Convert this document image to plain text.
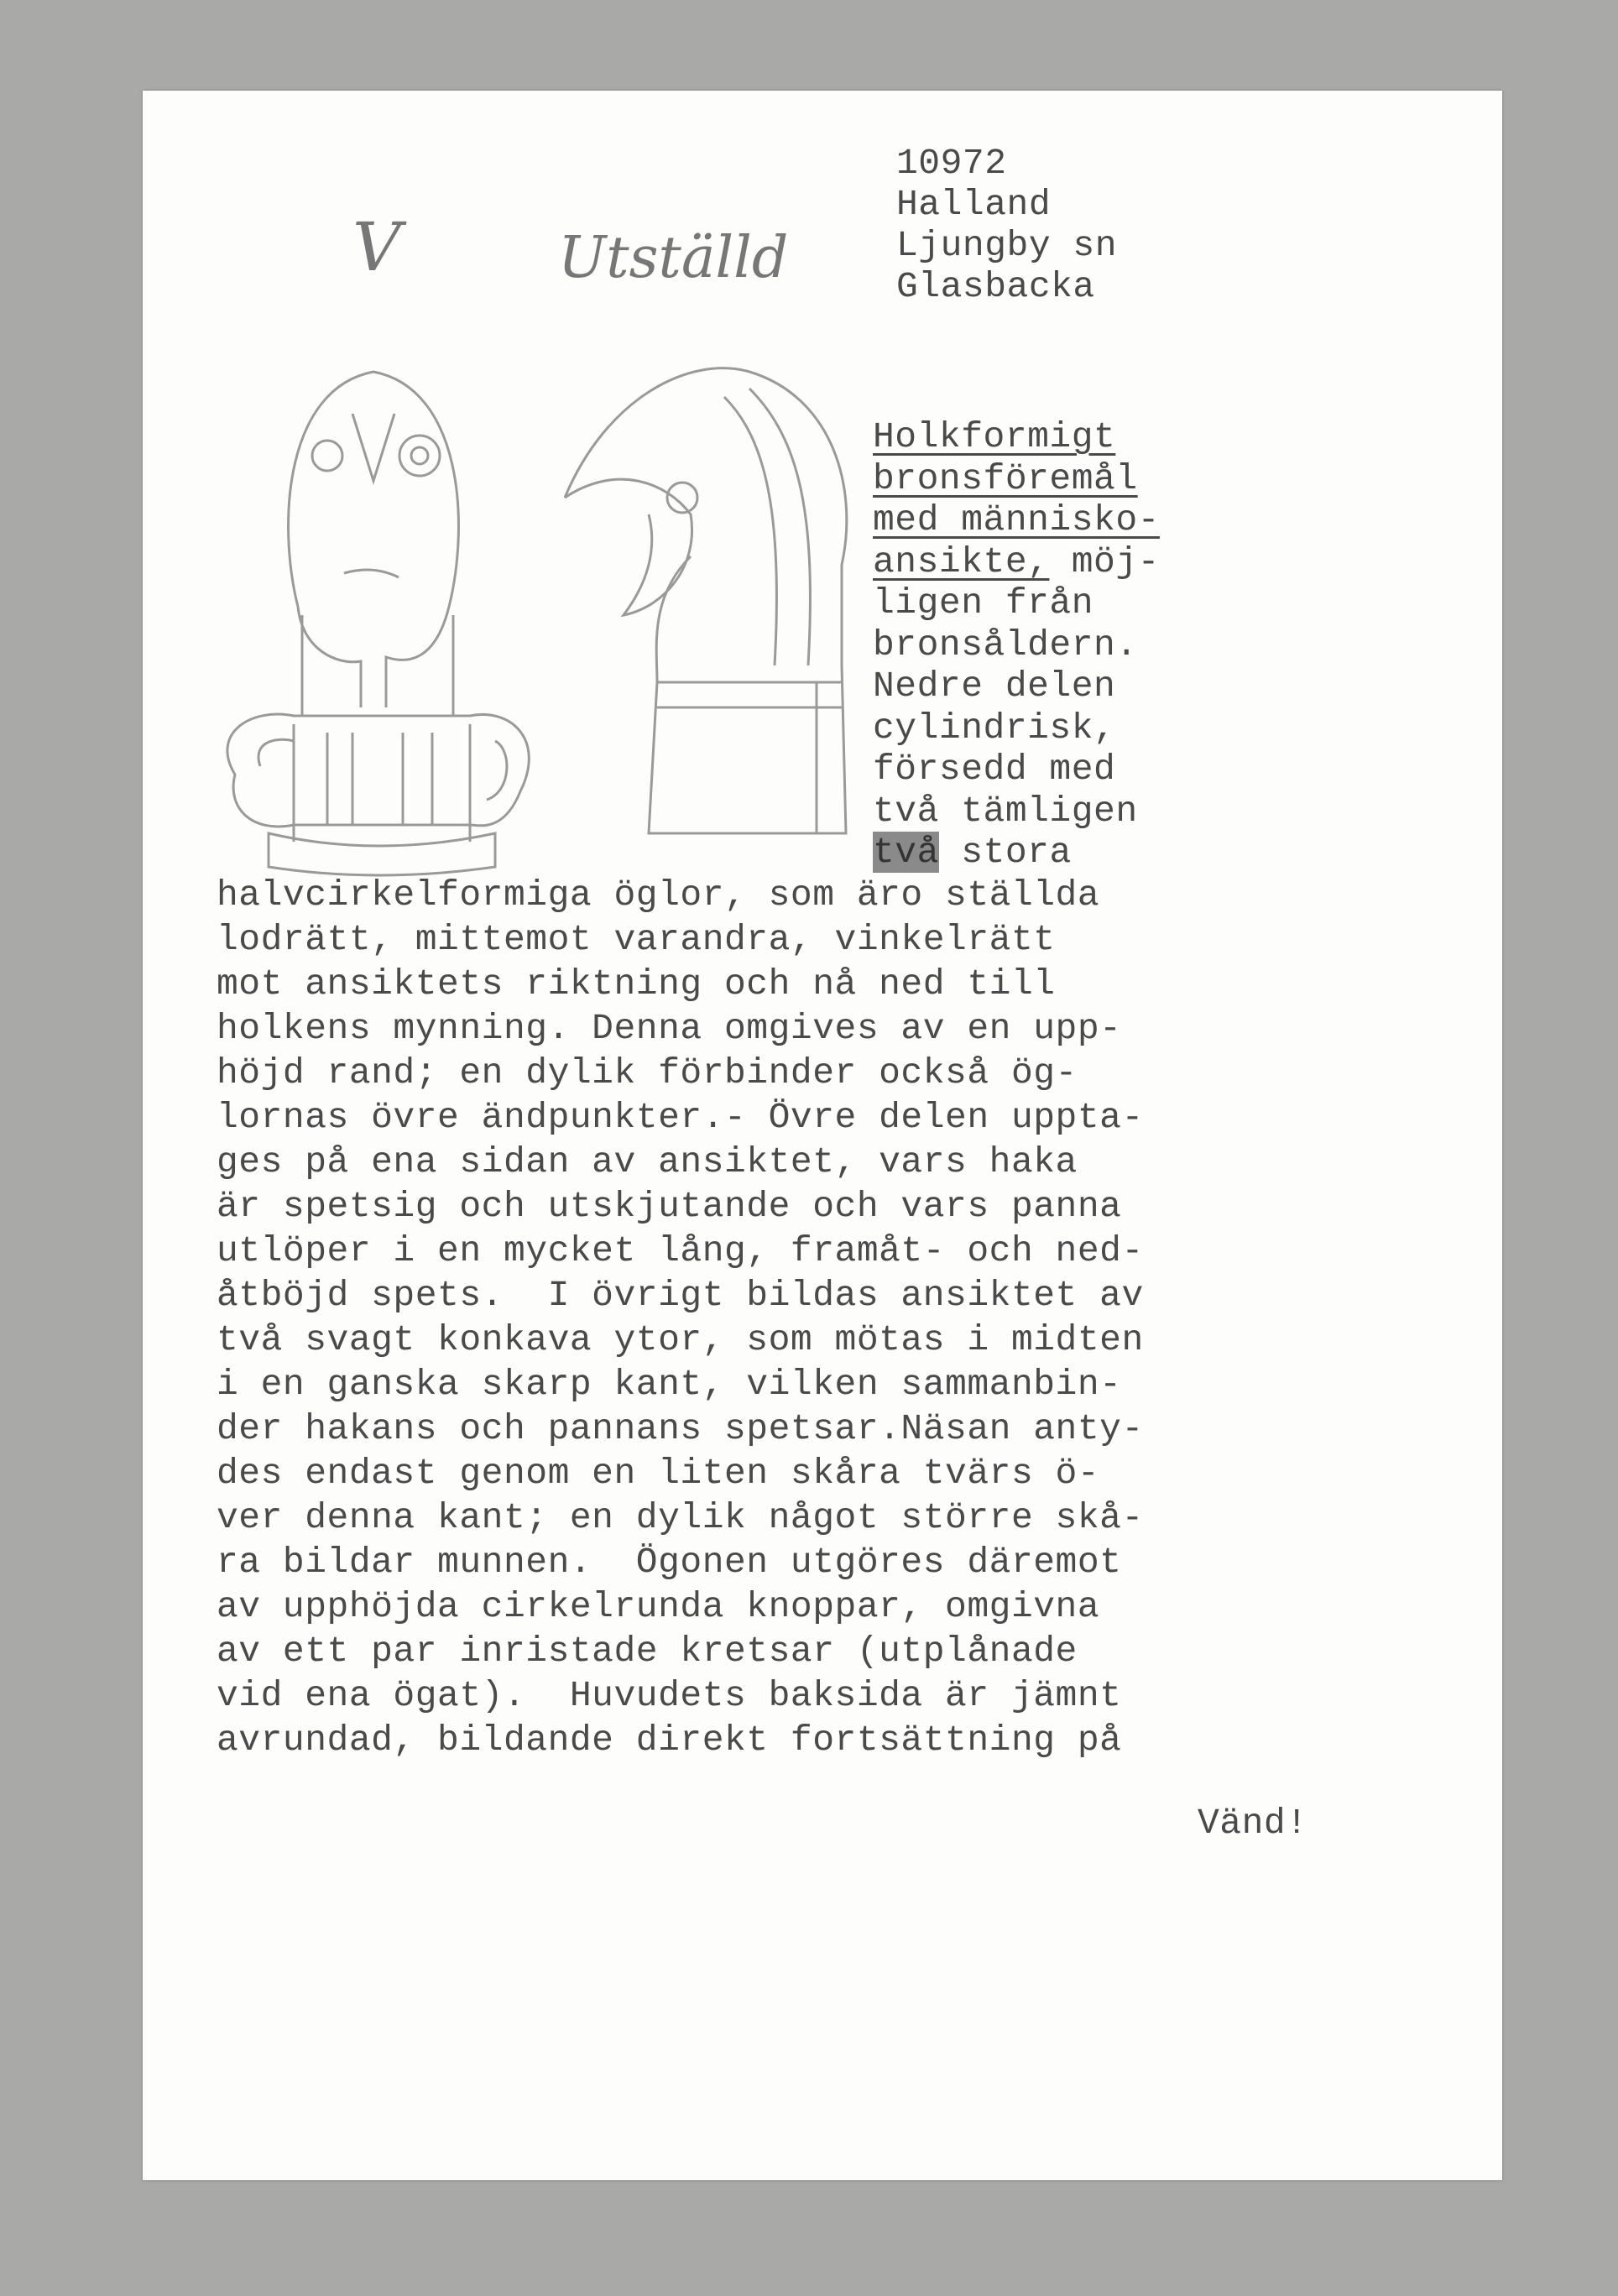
V	Utställd
10972
Halland
Ljungby sn
Glasbacka
Holkformigt
bronsföremål
med människo-
ansikte, möj-
ligen från
bronsåldern.
Nedre delen
cylindrisk,
försedd med
två tämligen
två stora
halvcirkelformiga öglor, som äro ställda
lodrätt, mittemot varandra, vinkelrätt
mot ansiktets riktning och nå ned till
holkens mynning. Denna omgives av en upp-
höjd rand; en dylik förbinder också ög-
lornas övre ändpunkter.- Övre delen uppta-
ges på ena sidan av ansiktet, vars haka
är spetsig och utskjutande och vars panna
utlöper i en mycket lång, framåt- och ned-
åtböjd spets.  I övrigt bildas ansiktet av
två svagt konkava ytor, som mötas i midten
i en ganska skarp kant, vilken sammanbin-
der hakans och pannans spetsar.Näsan anty-
des endast genom en liten skåra tvärs ö-
ver denna kant; en dylik något större skå-
ra bildar munnen.  Ögonen utgöres däremot
av upphöjda cirkelrunda knoppar, omgivna
av ett par inristade kretsar (utplånade
vid ena ögat).  Huvudets baksida är jämnt
avrundad, bildande direkt fortsättning på
Vänd!
